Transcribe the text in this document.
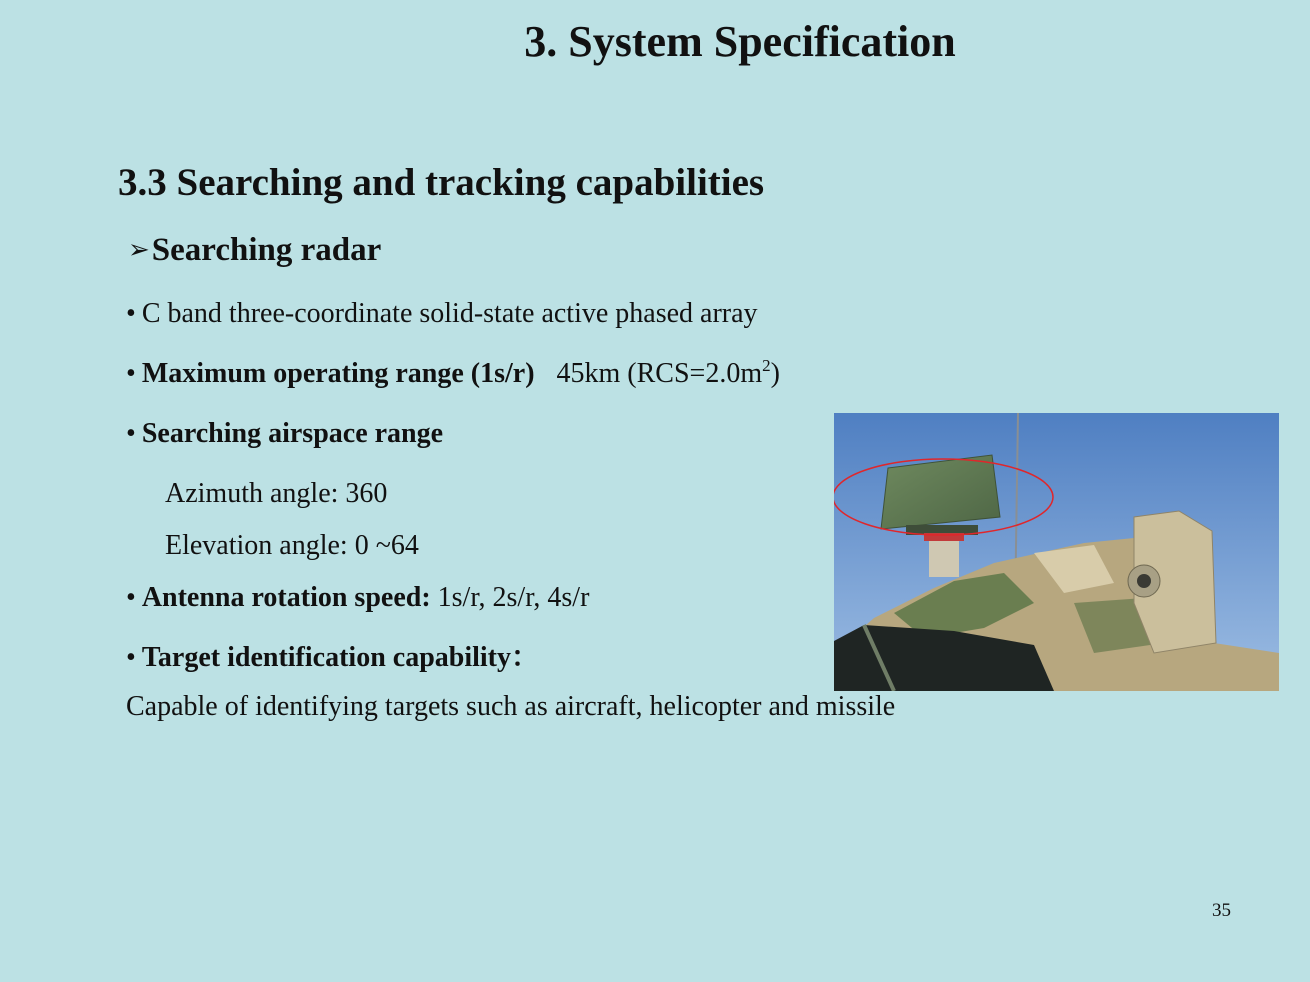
3. System Specification
3.3 Searching and tracking capabilities
➢Searching radar

• C band three-coordinate solid-state active phased array

• Maximum operating range (1s/r) 45km $(RCS=2.0m^2)$

• Searching airspace range

Azimuth angle: 360

Elevation angle: 0 ~64

• Antenna rotation speed: 1s/r, 2s/r, 4s/r

• Target identification capability：

Capable of identifying targets such as aircraft, helicopter and missile

35
